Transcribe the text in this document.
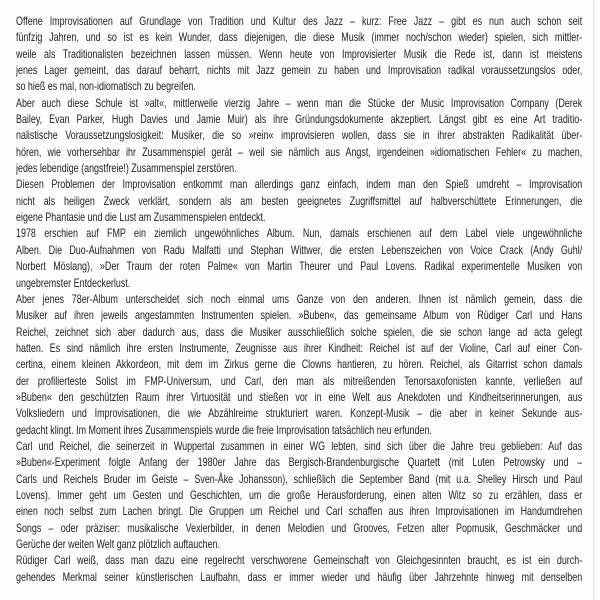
Offene Improvisationen auf Grundlage von Tradition und Kultur des Jazz – kurz: Free Jazz – gibt es nun auch schon seit
fünfzig Jahren, und so ist es kein Wunder, dass diejenigen, die diese Musik (immer noch/schon wieder) spielen, sich mittler-
weile als Traditionalisten bezeichnen lassen müssen. Wenn heute von Improvisierter Musik die Rede ist, dann ist meistens
jenes Lager gemeint, das darauf beharrt, nichts mit Jazz gemein zu haben und Improvisation radikal voraussetzungslos oder,
so hieß es mal, non-idiomatisch zu begreifen.
Aber auch diese Schule ist »alt«, mittlerweile vierzig Jahre – wenn man die Stücke der Music Improvisation Company (Derek
Bailey, Evan Parker, Hugh Davies und Jamie Muir) als ihre Gründungsdokumente akzeptiert. Längst gibt es eine Art traditio-
nalistische Voraussetzungslosigkeit: Musiker, die so »rein« improvisieren wollen, dass sie in ihrer abstrakten Radikalität über-
hören, wie vorhersehbar ihr Zusammenspiel gerät – weil sie nämlich aus Angst, irgendeinen »idiomatischen Fehler« zu machen,
jedes lebendige (angstfreie!) Zusammenspiel zerstören.
Diesen Problemen der Improvisation entkommt man allerdings ganz einfach, indem man den Spieß umdreht – Improvisation
nicht als heiligen Zweck verklärt, sondern als am besten geeignetes Zugriffsmittel auf halbverschüttete Erinnerungen, die
eigene Phantasie und die Lust am Zusammenspielen entdeckt.
1978 erschien auf FMP ein ziemlich ungewöhnliches Album. Nun, damals erschienen auf dem Label viele ungewöhnliche
Alben. Die Duo-Aufnahmen von Radu Malfatti und Stephan Wittwer, die ersten Lebenszeichen von Voice Crack (Andy Guhl/
Norbert Möslang), »Der Traum der roten Palme« von Martin Theurer und Paul Lovens. Radikal experimentelle Musiken von
ungebremster Entdeckerlust.
Aber jenes 78er-Album unterscheidet sich noch einmal ums Ganze von den anderen. Ihnen ist nämlich gemein, dass die
Musiker auf ihren jeweils angestammten Instrumenten spielen. »Buben«, das gemeinsame Album von Rüdiger Carl und Hans
Reichel, zeichnet sich aber dadurch aus, dass die Musiker ausschließlich solche spielen, die sie schon lange ad acta gelegt
hatten. Es sind nämlich ihre ersten Instrumente, Zeugnisse aus ihrer Kindheit: Reichel ist auf der Violine, Carl auf einer Con-
certina, einem kleinen Akkordeon, mit dem im Zirkus gerne die Clowns hantieren, zu hören. Reichel, als Gitarrist schon damals
der profilierteste Solist im FMP-Universum, und Carl, den man als mitreißenden Tenorsaxofonisten kannte, verließen auf
»Buben« den geschützten Raum ihrer Virtuosität und stießen vor in eine Welt aus Anekdoten und Kindheitserinnerungen, aus
Volksliedern und Improvisationen, die wie Abzählreime strukturiert waren. Konzept-Musik – die aber in keiner Sekunde aus-
gedacht klingt. Im Moment ihres Zusammenspiels wurde die freie Improvisation tatsächlich neu erfunden.
Carl und Reichel, die seinerzeit in Wuppertal zusammen in einer WG lebten, sind sich über die Jahre treu geblieben: Auf das
»Buben«-Experiment folgte Anfang der 1980er Jahre das Bergisch-Brandenburgische Quartett (mit Luten Petrowsky und –
Carls und Reichels Bruder im Geiste – Sven-Åke Johansson), schließlich die September Band (mit u.a. Shelley Hirsch und Paul
Lovens). Immer geht um Gesten und Geschichten, um die große Herausforderung, einen alten Witz so zu erzählen, dass er
einen noch selbst zum Lachen bringt. Die Gruppen um Reichel und Carl schaffen aus ihren Improvisationen im Handumdrehen
Songs – oder präziser: musikalische Vexierbilder, in denen Melodien und Grooves, Fetzen alter Popmusik, Geschmäcker und
Gerüche der weiten Welt ganz plötzlich auftauchen.
Rüdiger Carl weiß, dass man dazu eine regelrecht verschworene Gemeinschaft von Gleichgesinnten braucht, es ist ein durch-
gehendes Merkmal seiner künstlerischen Laufbahn, dass er immer wieder und häufig über Jahrzehnte hinweg mit denselben
